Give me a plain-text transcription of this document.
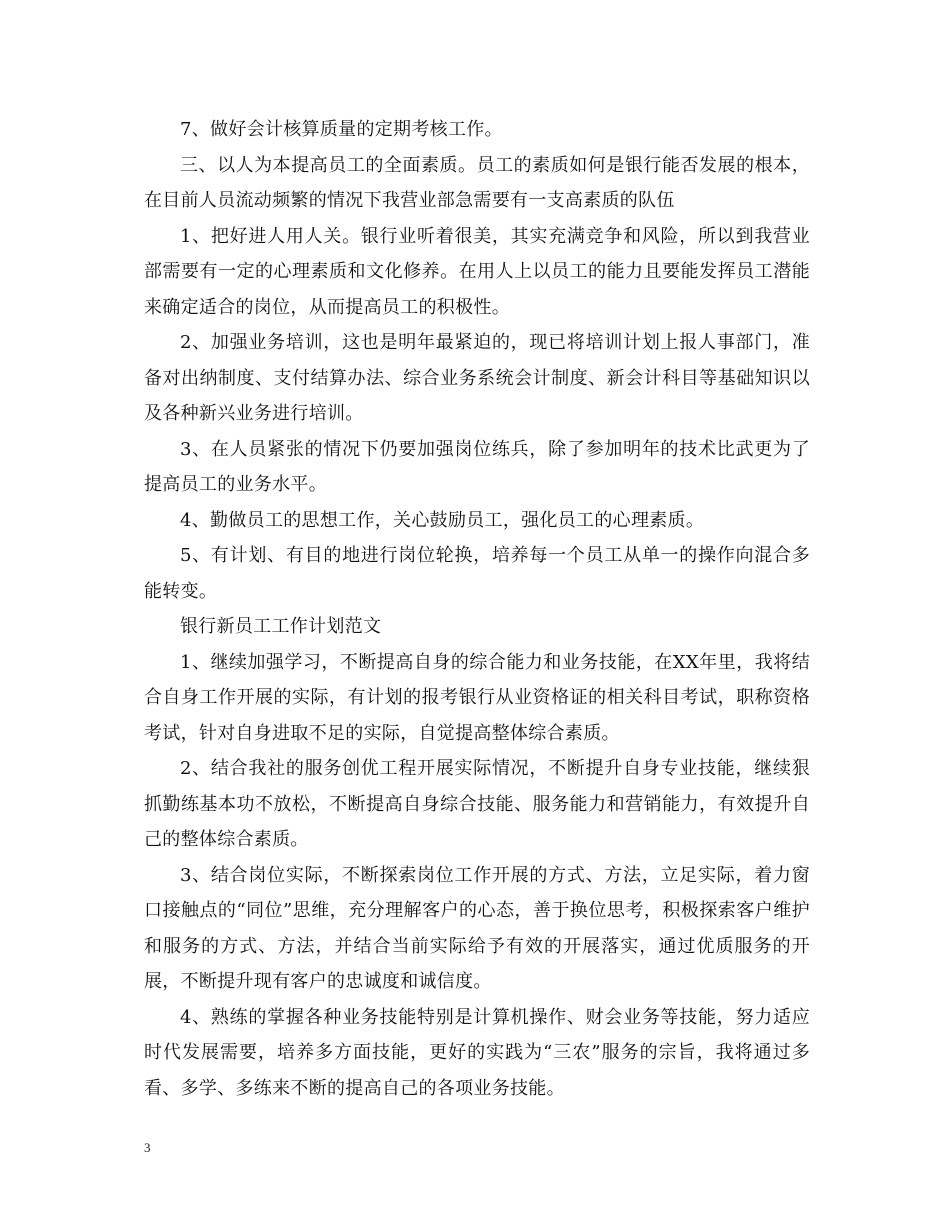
7、做好会计核算质量的定期考核工作。

三、以人为本提高员工的全面素质。员工的素质如何是银行能否发展的根本，在目前人员流动频繁的情况下我营业部急需要有一支高素质的队伍

1、把好进人用人关。银行业听着很美，其实充满竞争和风险，所以到我营业部需要有一定的心理素质和文化修养。在用人上以员工的能力且要能发挥员工潜能来确定适合的岗位，从而提高员工的积极性。

2、加强业务培训，这也是明年最紧迫的，现已将培训计划上报人事部门，准备对出纳制度、支付结算办法、综合业务系统会计制度、新会计科目等基础知识以及各种新兴业务进行培训。

3、在人员紧张的情况下仍要加强岗位练兵，除了参加明年的技术比武更为了提高员工的业务水平。

4、勤做员工的思想工作，关心鼓励员工，强化员工的心理素质。

5、有计划、有目的地进行岗位轮换，培养每一个员工从单一的操作向混合多能转变。

银行新员工工作计划范文

1、继续加强学习，不断提高自身的综合能力和业务技能，在XX年里，我将结合自身工作开展的实际，有计划的报考银行从业资格证的相关科目考试，职称资格考试，针对自身进取不足的实际，自觉提高整体综合素质。

2、结合我社的服务创优工程开展实际情况，不断提升自身专业技能，继续狠抓勤练基本功不放松，不断提高自身综合技能、服务能力和营销能力，有效提升自己的整体综合素质。

3、结合岗位实际，不断探索岗位工作开展的方式、方法，立足实际，着力窗口接触点的“同位”思维，充分理解客户的心态，善于换位思考，积极探索客户维护和服务的方式、方法，并结合当前实际给予有效的开展落实，通过优质服务的开展，不断提升现有客户的忠诚度和诚信度。

4、熟练的掌握各种业务技能特别是计算机操作、财会业务等技能，努力适应时代发展需要，培养多方面技能，更好的实践为“三农”服务的宗旨，我将通过多看、多学、多练来不断的提高自己的各项业务技能。

3
